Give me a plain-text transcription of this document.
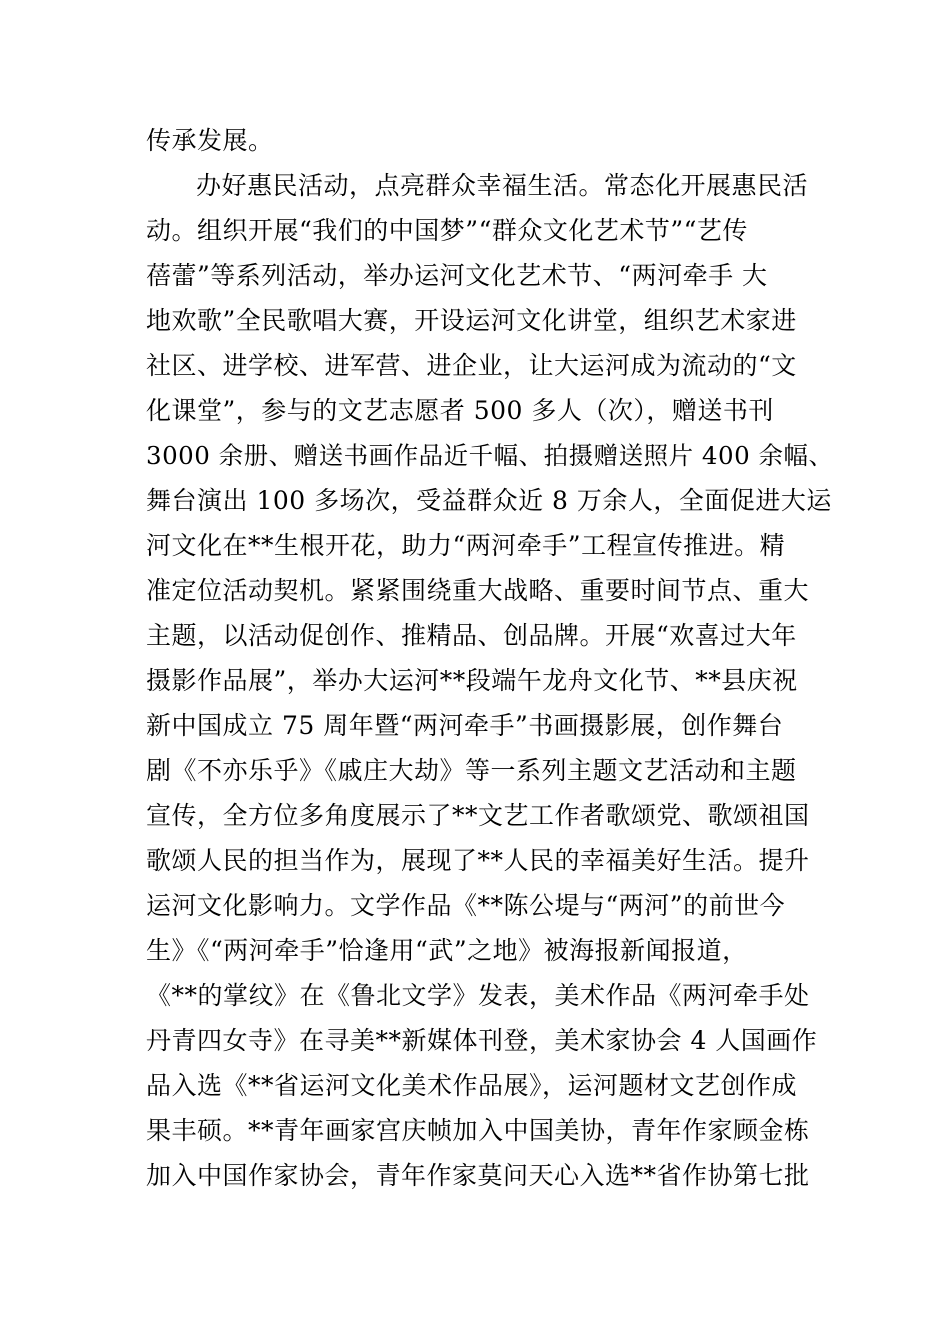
传承发展。
办好惠民活动，点亮群众幸福生活。常态化开展惠民活
动。组织开展“我们的中国梦”“群众文化艺术节”“艺传
蓓蕾”等系列活动，举办运河文化艺术节、“两河牵手 大
地欢歌”全民歌唱大赛，开设运河文化讲堂，组织艺术家进
社区、进学校、进军营、进企业，让大运河成为流动的“文
化课堂”，参与的文艺志愿者 500 多人（次），赠送书刊
3000 余册、赠送书画作品近千幅、拍摄赠送照片 400 余幅、
舞台演出 100 多场次，受益群众近 8 万余人，全面促进大运
河文化在**生根开花，助力“两河牵手”工程宣传推进。精
准定位活动契机。紧紧围绕重大战略、重要时间节点、重大
主题，以活动促创作、推精品、创品牌。开展“欢喜过大年
摄影作品展”，举办大运河**段端午龙舟文化节、**县庆祝
新中国成立 75 周年暨“两河牵手”书画摄影展，创作舞台
剧《不亦乐乎》《戚庄大劫》等一系列主题文艺活动和主题
宣传，全方位多角度展示了**文艺工作者歌颂党、歌颂祖国
歌颂人民的担当作为，展现了**人民的幸福美好生活。提升
运河文化影响力。文学作品《**陈公堤与“两河”的前世今
生》《“两河牵手”恰逢用“武”之地》被海报新闻报道，
《**的掌纹》在《鲁北文学》发表，美术作品《两河牵手处
丹青四女寺》在寻美**新媒体刊登，美术家协会 4 人国画作
品入选《**省运河文化美术作品展》，运河题材文艺创作成
果丰硕。**青年画家宫庆帧加入中国美协，青年作家顾金栋
加入中国作家协会，青年作家莫问天心入选**省作协第七批
